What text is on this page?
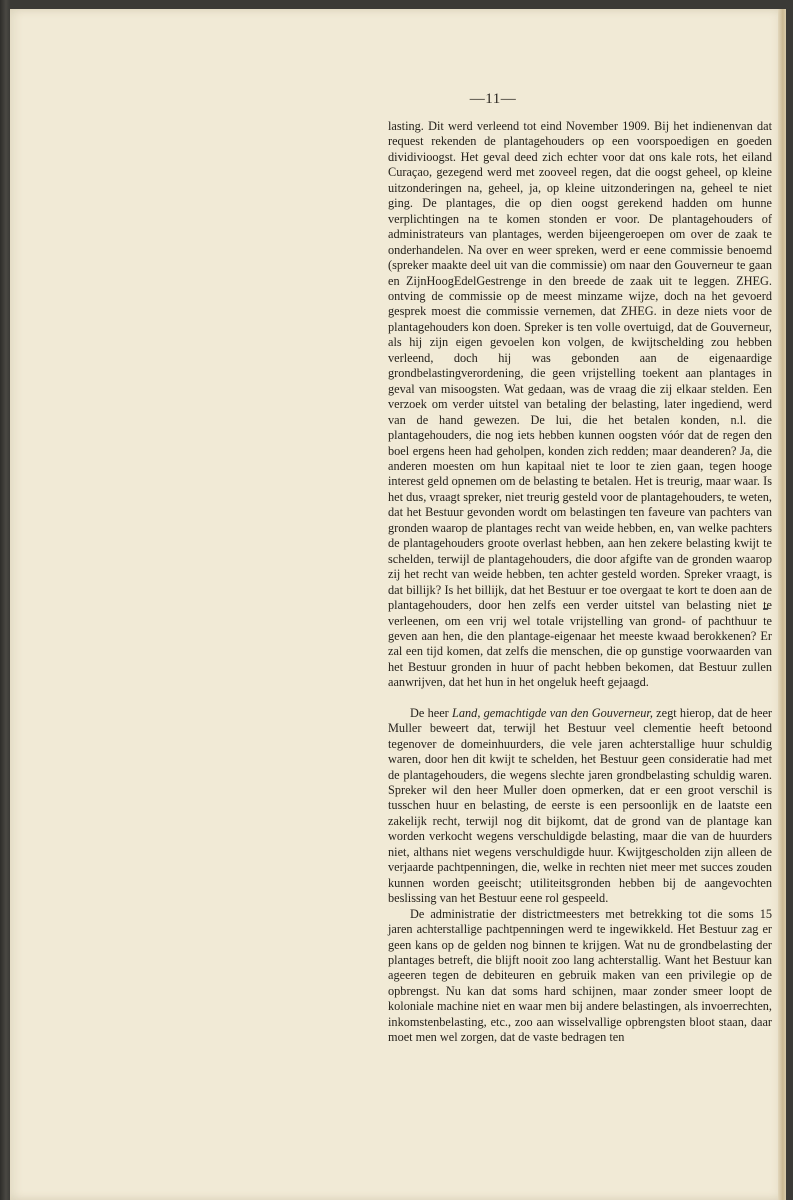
—11—

lasting. Dit werd verleend tot eind November 1909. Bij het indienenvan dat request rekenden de plantagehouders op een voorspoedigen en goeden dividivioogst. Het geval deed zich echter voor dat ons kale rots, het eiland Curaçao, gezegend werd met zooveel regen, dat die oogst geheel, op kleine uitzonderingen na, geheel, ja, op kleine uitzonderingen na, geheel te niet ging. De plantages, die op dien oogst gerekend hadden om hunne verplichtingen na te komen stonden er voor. De plantagehouders of administrateurs van plantages, werden bijeengeroepen om over de zaak te onderhandelen. Na over en weer spreken, werd er eene commissie benoemd (spreker maakte deel uit van die commissie) om naar den Gouverneur te gaan en ZijnHoogEdelGestrenge in den breede de zaak uit te leggen. ZHEG. ontving de commissie op de meest minzame wijze, doch na het gevoerd gesprek moest die commissie vernemen, dat ZHEG. in deze niets voor de plantagehouders kon doen. Spreker is ten volle overtuigd, dat de Gouverneur, als hij zijn eigen gevoelen kon volgen, de kwijtschelding zou hebben verleend, doch hij was gebonden aan de eigenaardige grondbelastingverordening, die geen vrijstelling toekent aan plantages in geval van misoogsten. Wat gedaan, was de vraag die zij elkaar stelden. Een verzoek om verder uitstel van betaling der belasting, later ingediend, werd van de hand gewezen. De lui, die het betalen konden, n.l. die plantagehouders, die nog iets hebben kunnen oogsten vóór dat de regen den boel ergens heen had geholpen, konden zich redden; maar deanderen? Ja, die anderen moesten om hun kapitaal niet te loor te zien gaan, tegen hooge interest geld opnemen om de belasting te betalen. Het is treurig, maar waar. Is het dus, vraagt spreker, niet treurig gesteld voor de plantagehouders, te weten, dat het Bestuur gevonden wordt om belastingen ten faveure van pachters van gronden waarop de plantages recht van weide hebben, en, van welke pachters de plantagehouders groote overlast hebben, aan hen zekere belasting kwijt te schelden, terwijl de plantagehouders, die door afgifte van de gronden waarop zij het recht van weide hebben, ten achter gesteld worden. Spreker vraagt, is dat billijk? Is het billijk, dat het Bestuur er toe overgaat te kort te doen aan de plantagehouders, door hen zelfs een verder uitstel van belasting niet te verleenen, om een vrij wel totale vrijstelling van grond- of pachthuur te geven aan hen, die den plantage-eigenaar het meeste kwaad berokkenen? Er zal een tijd komen, dat zelfs die menschen, die op gunstige voorwaarden van het Bestuur gronden in huur of pacht hebben bekomen, dat Bestuur zullen aanwrijven, dat het hun in het ongeluk heeft gejaagd.

De heer Land, gemachtigde van den Gouverneur, zegt hierop, dat de heer Muller beweert dat, terwijl het Bestuur veel clementie heeft betoond tegenover de domeinhuurders, die vele jaren achterstallige huur schuldig waren, door hen dit kwijt te schelden, het Bestuur geen consideratie had met de plantagehouders, die wegens slechte jaren grondbelasting schuldig waren. Spreker wil den heer Muller doen opmerken, dat er een groot verschil is tusschen huur en belasting, de eerste is een persoonlijk en de laatste een zakelijk recht, terwijl nog dit bijkomt, dat de grond van de plantage kan worden verkocht wegens verschuldigde belasting, maar die van de huurders niet, althans niet wegens verschuldigde huur. Kwijtgescholden zijn alleen de verjaarde pachtpenningen, die, welke in rechten niet meer met succes zouden kunnen worden geeischt; utiliteitsgronden hebben bij de aangevochten beslissing van het Bestuur eene rol gespeeld.

De administratie der districtmeesters met betrekking tot die soms 15 jaren achterstallige pachtpenningen werd te ingewikkeld. Het Bestuur zag er geen kans op de gelden nog binnen te krijgen. Wat nu de grondbelasting der plantages betreft, die blijft nooit zoo lang achterstallig. Want het Bestuur kan ageeren tegen de debiteuren en gebruik maken van een privilegie op de opbrengst. Nu kan dat soms hard schijnen, maar zonder smeer loopt de koloniale machine niet en waar men bij andere belastingen, als invoerrechten, inkomstenbelasting, etc., zoo aan wisselvallige opbrengsten bloot staan, daar moet men wel zorgen, dat de vaste bedragen ten
